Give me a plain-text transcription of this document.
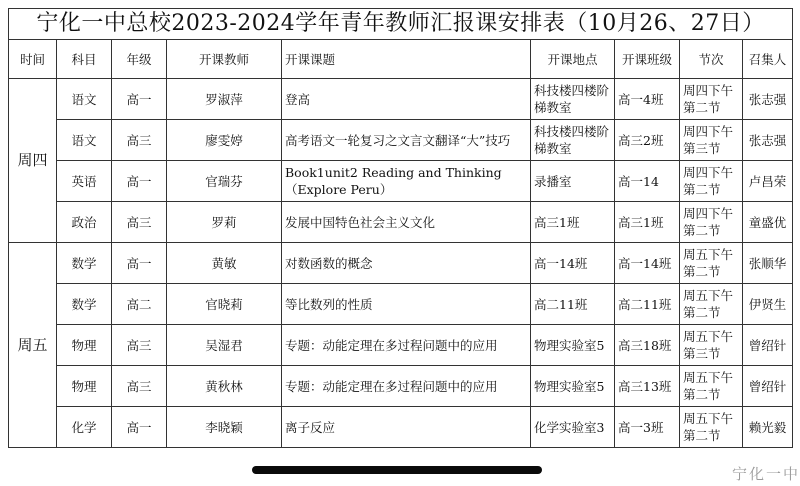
宁化一中总校2023-2024学年青年教师汇报课安排表（10月26、27日）								
时间	科目	年级	开课教师	开课课题	开课地点	开课班级	节次	召集人
周四	语文	高一	罗淑萍	登高	科技楼四楼阶梯教室	高一4班	周四下午第二节	张志强
	语文	高三	廖雯婷	高考语文一轮复习之文言文翻译“大”技巧	科技楼四楼阶梯教室	高三2班	周四下午第三节	张志强
	英语	高一	官瑞芬	Book1unit2 Reading and Thinking （Explore Peru）	录播室	高一14	周四下午第二节	卢昌荣
	政治	高三	罗莉	发展中国特色社会主义文化	高三1班	高三1班	周四下午第二节	童盛优
周五	数学	高一	黄敏	对数函数的概念	高一14班	高一14班	周五下午第二节	张顺华
	数学	高二	官晓莉	等比数列的性质	高二11班	高二11班	周五下午第二节	伊贤生
	物理	高三	吴湿君	专题：动能定理在多过程问题中的应用	物理实验室5	高三18班	周五下午第三节	曾绍针
	物理	高三	黄秋林	专题：动能定理在多过程问题中的应用	物理实验室5	高三13班	周五下午第二节	曾绍针
	化学	高一	李晓颖	离子反应	化学实验室3	高一3班	周五下午第二节	赖光毅
宁化一中
